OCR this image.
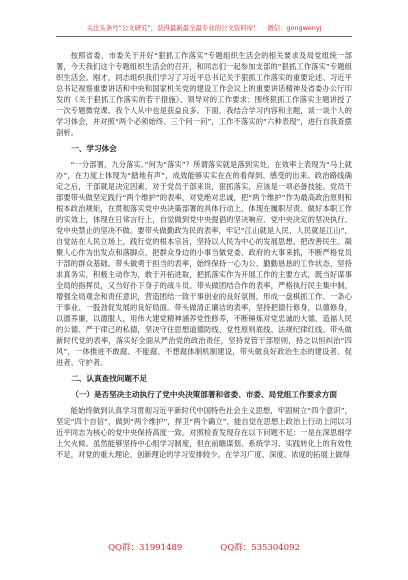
关注头条号“公文研究”，获得最新最全最专业的公文资料库！ 微信：gongwenyj

按照省委、市委关于开好“狠抓工作落实”专题组织生活会的相关要求及局党组统一部署，今天我们这个专题组织生活会的召开，和同志们一起参加支部的“狠抓工作落实”专题组织生活会。刚才，同志组织我们学习了习近平总书记关于狠抓工作落实的重要论述、习近平总书记视察重要讲话和中央和国家机关党的建设工作会议上的重要讲话精神及省委办公厅印发的《关于狠抓工作落实的若干措施》、领导对的工作要求；围绕狠抓工作落实主题讲授了一次专题微党课。我个人从中也是获益良多。下面，我结合学习内容和主题，谈一谈个人的学习体会，并对照“两个必须始终、三个问一问”，工作不落实的“六种表现”，进行自我查摆剖析。

一、学习体会

“一分部署，九分落实。”何为“落实”？所谓落实就是落到实处，在效率上表现为“马上就办”，在力度上体现为“踏地有声”，成效能够实实在在的看得到、感受的出来。政治路线确定之后，干部就是决定因素，对于党员干部来说，狠抓落实，应该是一项必备技能。党员干部要带头做坚定践行“两个维护”的表率，对党绝对忠诚，把“两个维护”作为最高政治原则和根本政治规矩，在贯彻落实党中央决策部署的具体行动上，体现在履职尽责、做好本职工作的实效上，体现在日常言行上，自觉做到党中央提倡的坚决响应、党中央决定的坚决执行、党中央禁止的坚决不做。要带头做勤政为民的表率，牢记“江山就是人民、人民就是江山”，自觉站在人民立场上，践行党的根本宗旨，坚持以人民为中心的发展思想，把改善民生、凝聚人心作为出发点和落脚点，把群众身边的小事当做党委、政府的大事来抓，不断严格党员干部的群众基础。带头做勇于担当的表率，始终保持一心为公、勤勤恳恳的工作状态，坚持求真务实，积极主动作为，敢于开拓进取，把抓落实作为开展工作的主要方式，既当好谋事全局的指挥员，又当好扑下身子的战斗员。带头做团结合作的表率，严格执行民主集中制，增强全局观念和责任意识，营造团结一致干事创业的良好氛围，形成一盘棋抓工作、一条心干事业、一股劲促发展的良好局面。带头做清正廉洁的表率，坚持把德行修身，以德修身，以德养廉，以德服人，用伟大建党精神涵养党性修养，不断锤炼对党忠诚的大德、造福人民的公德、严于律己的私德，坚决守住思想道德防线、党性原则底线、法规纪律红线。带头做新时代党的表率，落实好全面从严治党的政治责任，坚持党管干部原则，持之以恒纠治“四风”，一体推进不敢腐、不能腐、不想腐体制机制建设，带头做良好政治生态的建设者、促进者、守护者。

二、认真查找问题不足

（一）是否坚决主动执行了党中央决策部署和省委、市委、局党组工作要求方面

能始终做到认真学习贯彻习近平新时代中国特色社会主义思想，牢固树立“四个意识”，坚定“四个自信”，做到“两个维护”，捍卫“两个确立”，能自觉在思想上政治上行动上同以习近平同志为核心的党中央保持高度一致。对照检查发现存在以下问题不足：一是在深思细学上欠火候。虽然能够坚持中心组学习制度，但在前瞻谋划、系统学习、实践转化上的有效性不足，对党的重大理论、创新理论的学习安排较少。在学习广度、深度、浓度的拓展上做得

QQ群：31991489	QQ群：535304092
